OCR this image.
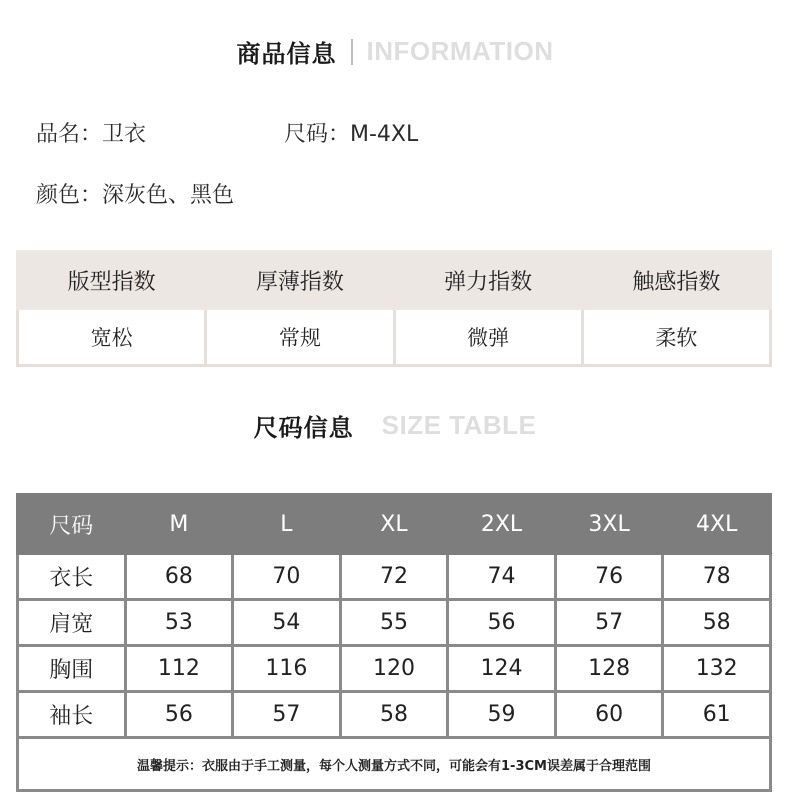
商品信息 INFORMATION
品名：卫衣	尺码：M-4XL
颜色：深灰色、黑色
版型指数	厚薄指数	弹力指数	触感指数
宽松	常规	微弹	柔软
尺码信息 SIZE TABLE
尺码	M	L	XL	2XL	3XL	4XL
衣长	68	70	72	74	76	78
肩宽	53	54	55	56	57	58
胸围	112	116	120	124	128	132
袖长	56	57	58	59	60	61
温馨提示：衣服由于手工测量，每个人测量方式不同，可能会有1-3CM误差属于合理范围						
